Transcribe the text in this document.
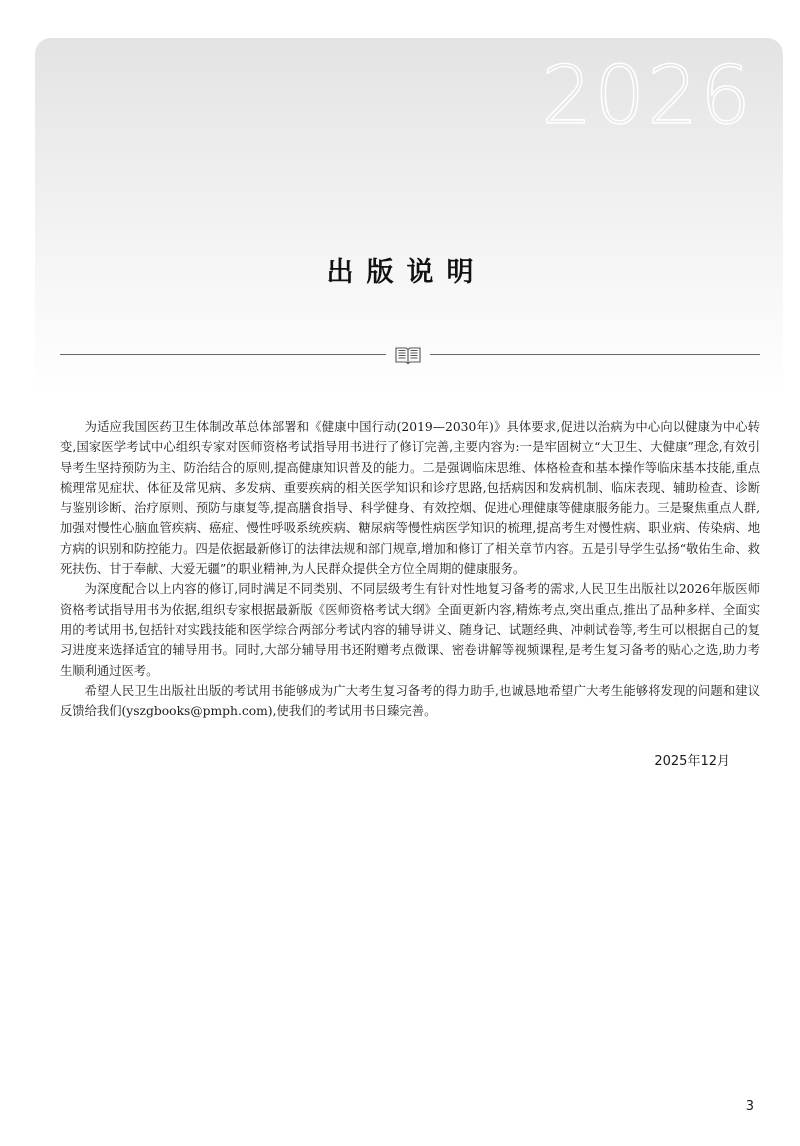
2026
出版说明

为适应我国医药卫生体制改革总体部署和《健康中国行动(2019—2030年)》具体要求,促进以治病为中心向以健康为中心转变,国家医学考试中心组织专家对医师资格考试指导用书进行了修订完善,主要内容为:一是牢固树立“大卫生、大健康”理念,有效引导考生坚持预防为主、防治结合的原则,提高健康知识普及的能力。二是强调临床思维、体格检查和基本操作等临床基本技能,重点梳理常见症状、体征及常见病、多发病、重要疾病的相关医学知识和诊疗思路,包括病因和发病机制、临床表现、辅助检查、诊断与鉴别诊断、治疗原则、预防与康复等,提高膳食指导、科学健身、有效控烟、促进心理健康等健康服务能力。三是聚焦重点人群,加强对慢性心脑血管疾病、癌症、慢性呼吸系统疾病、糖尿病等慢性病医学知识的梳理,提高考生对慢性病、职业病、传染病、地方病的识别和防控能力。四是依据最新修订的法律法规和部门规章,增加和修订了相关章节内容。五是引导学生弘扬“敬佑生命、救死扶伤、甘于奉献、大爱无疆”的职业精神,为人民群众提供全方位全周期的健康服务。

为深度配合以上内容的修订,同时满足不同类别、不同层级考生有针对性地复习备考的需求,人民卫生出版社以2026年版医师资格考试指导用书为依据,组织专家根据最新版《医师资格考试大纲》全面更新内容,精炼考点,突出重点,推出了品种多样、全面实用的考试用书,包括针对实践技能和医学综合两部分考试内容的辅导讲义、随身记、试题经典、冲刺试卷等,考生可以根据自己的复习进度来选择适宜的辅导用书。同时,大部分辅导用书还附赠考点微课、密卷讲解等视频课程,是考生复习备考的贴心之选,助力考生顺利通过医考。

希望人民卫生出版社出版的考试用书能够成为广大考生复习备考的得力助手,也诚恳地希望广大考生能够将发现的问题和建议反馈给我们(yszgbooks@pmph.com),使我们的考试用书日臻完善。

2025年12月
3
